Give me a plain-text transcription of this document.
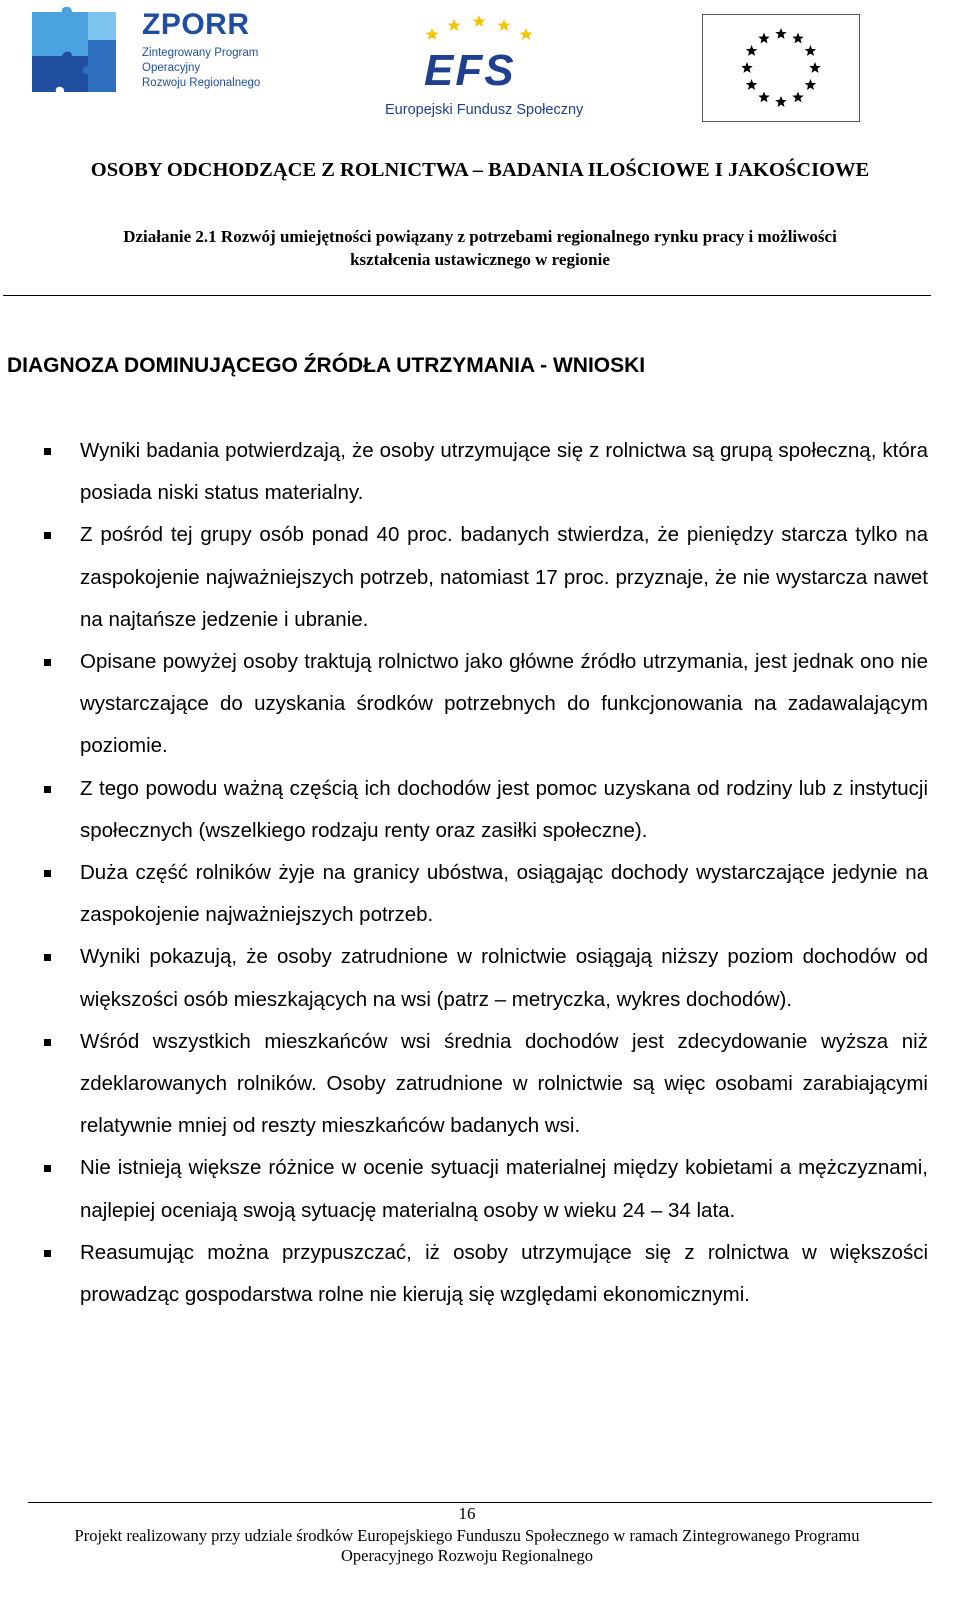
ZPORR
Zintegrowany Program
Operacyjny
Rozwoju Regionalnego	EFS
Europejski Fundusz Społeczny
OSOBY ODCHODZĄCE Z ROLNICTWA – BADANIA ILOŚCIOWE I JAKOŚCIOWE
Działanie 2.1 Rozwój umiejętności powiązany z potrzebami regionalnego rynku pracy i możliwości
kształcenia ustawicznego w regionie
DIAGNOZA DOMINUJĄCEGO ŹRÓDŁA UTRZYMANIA - WNIOSKI
Wyniki badania potwierdzają, że osoby utrzymujące się z rolnictwa są grupą społeczną, która posiada niski status materialny.
Z pośród tej grupy osób ponad 40 proc. badanych stwierdza, że pieniędzy starcza tylko na zaspokojenie najważniejszych potrzeb, natomiast 17 proc. przyznaje, że nie wystarcza nawet na najtańsze jedzenie i ubranie.
Opisane powyżej osoby traktują rolnictwo jako główne źródło utrzymania, jest jednak ono nie wystarczające do uzyskania środków potrzebnych do funkcjonowania na zadawalającym poziomie.
Z tego powodu ważną częścią ich dochodów jest pomoc uzyskana od rodziny lub z instytucji społecznych (wszelkiego rodzaju renty oraz zasiłki społeczne).
Duża część rolników żyje na granicy ubóstwa, osiągając dochody wystarczające jedynie na zaspokojenie najważniejszych potrzeb.
Wyniki pokazują, że osoby zatrudnione w rolnictwie osiągają niższy poziom dochodów od większości osób mieszkających na wsi (patrz – metryczka, wykres dochodów).
Wśród wszystkich mieszkańców wsi średnia dochodów jest zdecydowanie wyższa niż zdeklarowanych rolników. Osoby zatrudnione w rolnictwie są więc osobami zarabiającymi relatywnie mniej od reszty mieszkańców badanych wsi.
Nie istnieją większe różnice w ocenie sytuacji materialnej między kobietami a mężczyznami, najlepiej oceniają swoją sytuację materialną osoby w wieku 24 – 34 lata.
Reasumując można przypuszczać, iż osoby utrzymujące się z rolnictwa w większości prowadząc gospodarstwa rolne nie kierują się względami ekonomicznymi.
16
Projekt realizowany przy udziale środków Europejskiego Funduszu Społecznego w ramach Zintegrowanego Programu
Operacyjnego Rozwoju Regionalnego
